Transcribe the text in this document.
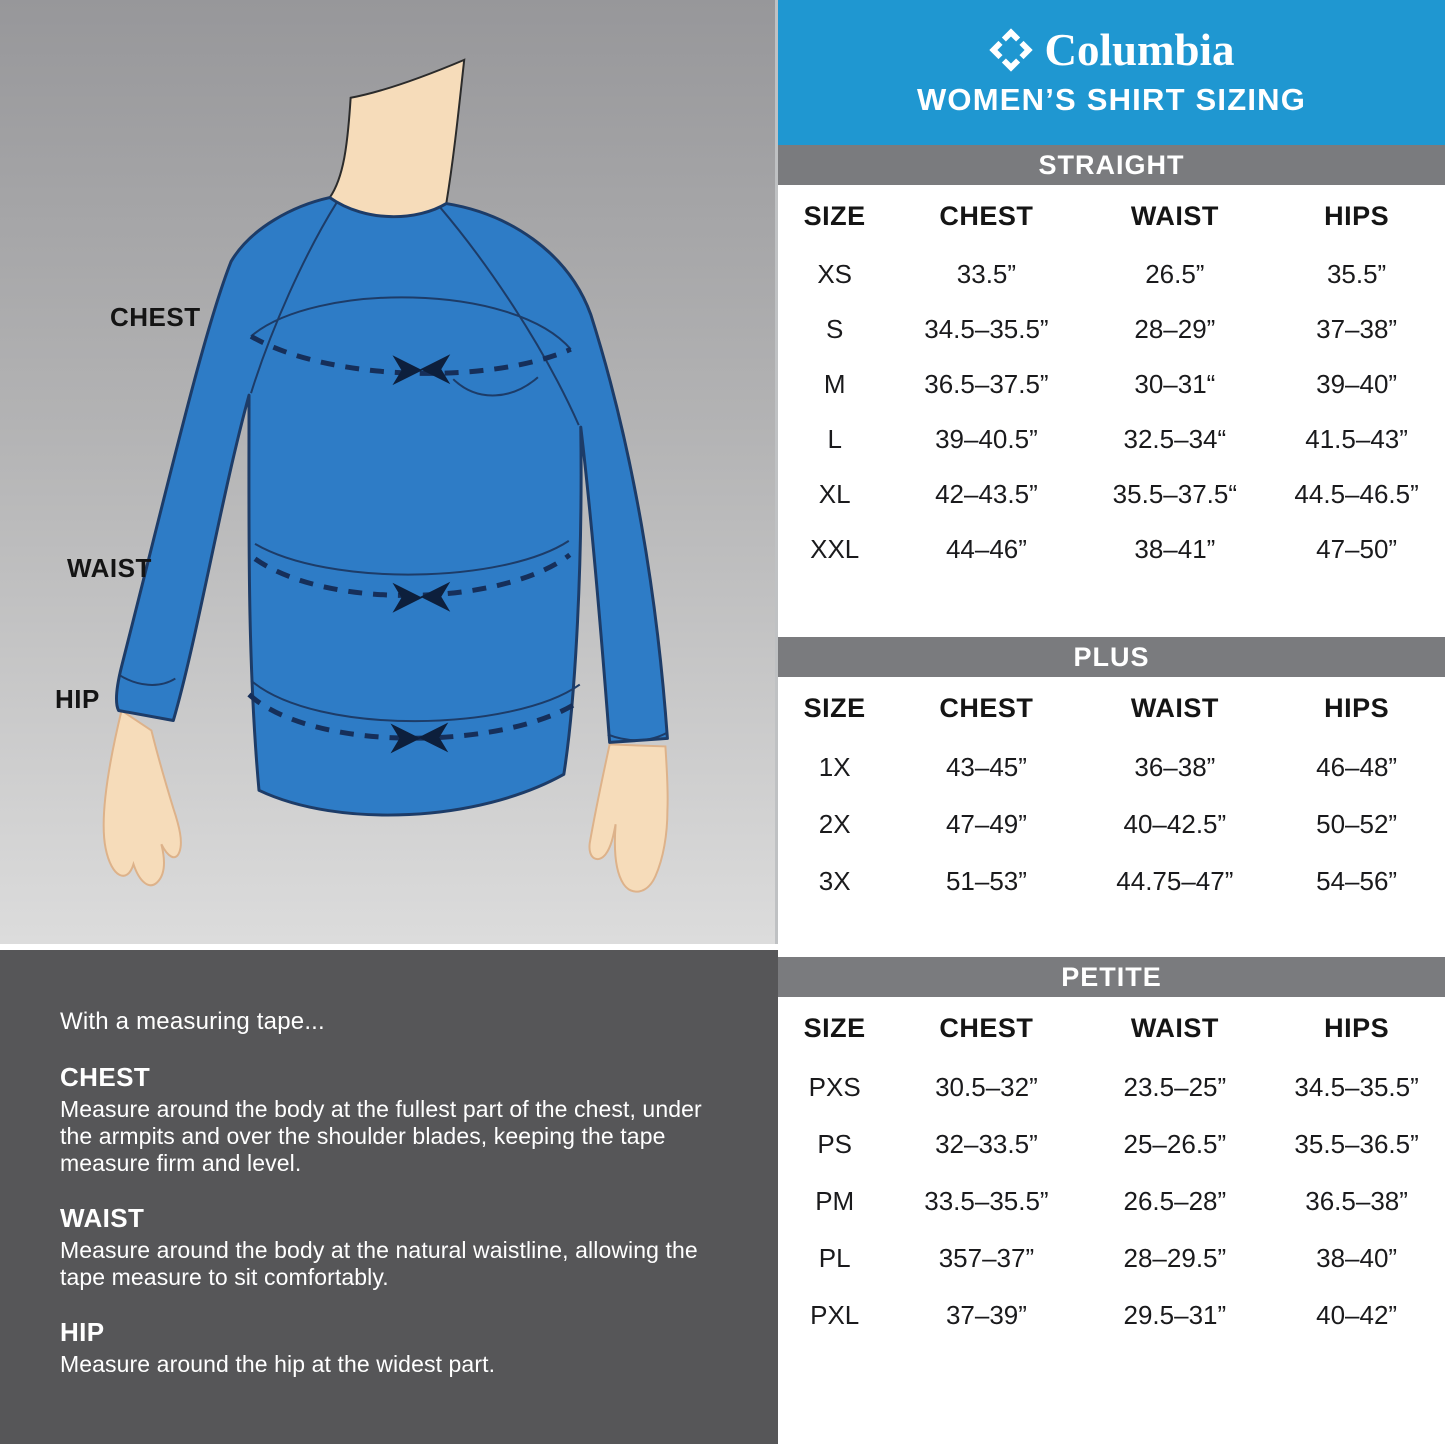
CHEST
WAIST
HIP

With a measuring tape...

CHEST

Measure around the body at the fullest part of the chest, under the armpits and over the shoulder blades, keeping the tape measure firm and level.

WAIST

Measure around the body at the natural waistline, allowing the tape measure to sit comfortably.

HIP

Measure around the hip at the widest part.

Columbia
WOMEN’S SHIRT SIZING
STRAIGHT
SIZE	CHEST	WAIST	HIPS
XS	33.5”	26.5”	35.5”
S	34.5–35.5”	28–29”	37–38”
M	36.5–37.5”	30–31“	39–40”
L	39–40.5”	32.5–34“	41.5–43”
XL	42–43.5”	35.5–37.5“	44.5–46.5”
XXL	44–46”	38–41”	47–50”
PLUS
SIZE	CHEST	WAIST	HIPS
1X	43–45”	36–38”	46–48”
2X	47–49”	40–42.5”	50–52”
3X	51–53”	44.75–47”	54–56”
PETITE
SIZE	CHEST	WAIST	HIPS
PXS	30.5–32”	23.5–25”	34.5–35.5”
PS	32–33.5”	25–26.5”	35.5–36.5”
PM	33.5–35.5”	26.5–28”	36.5–38”
PL	357–37”	28–29.5”	38–40”
PXL	37–39”	29.5–31”	40–42”
